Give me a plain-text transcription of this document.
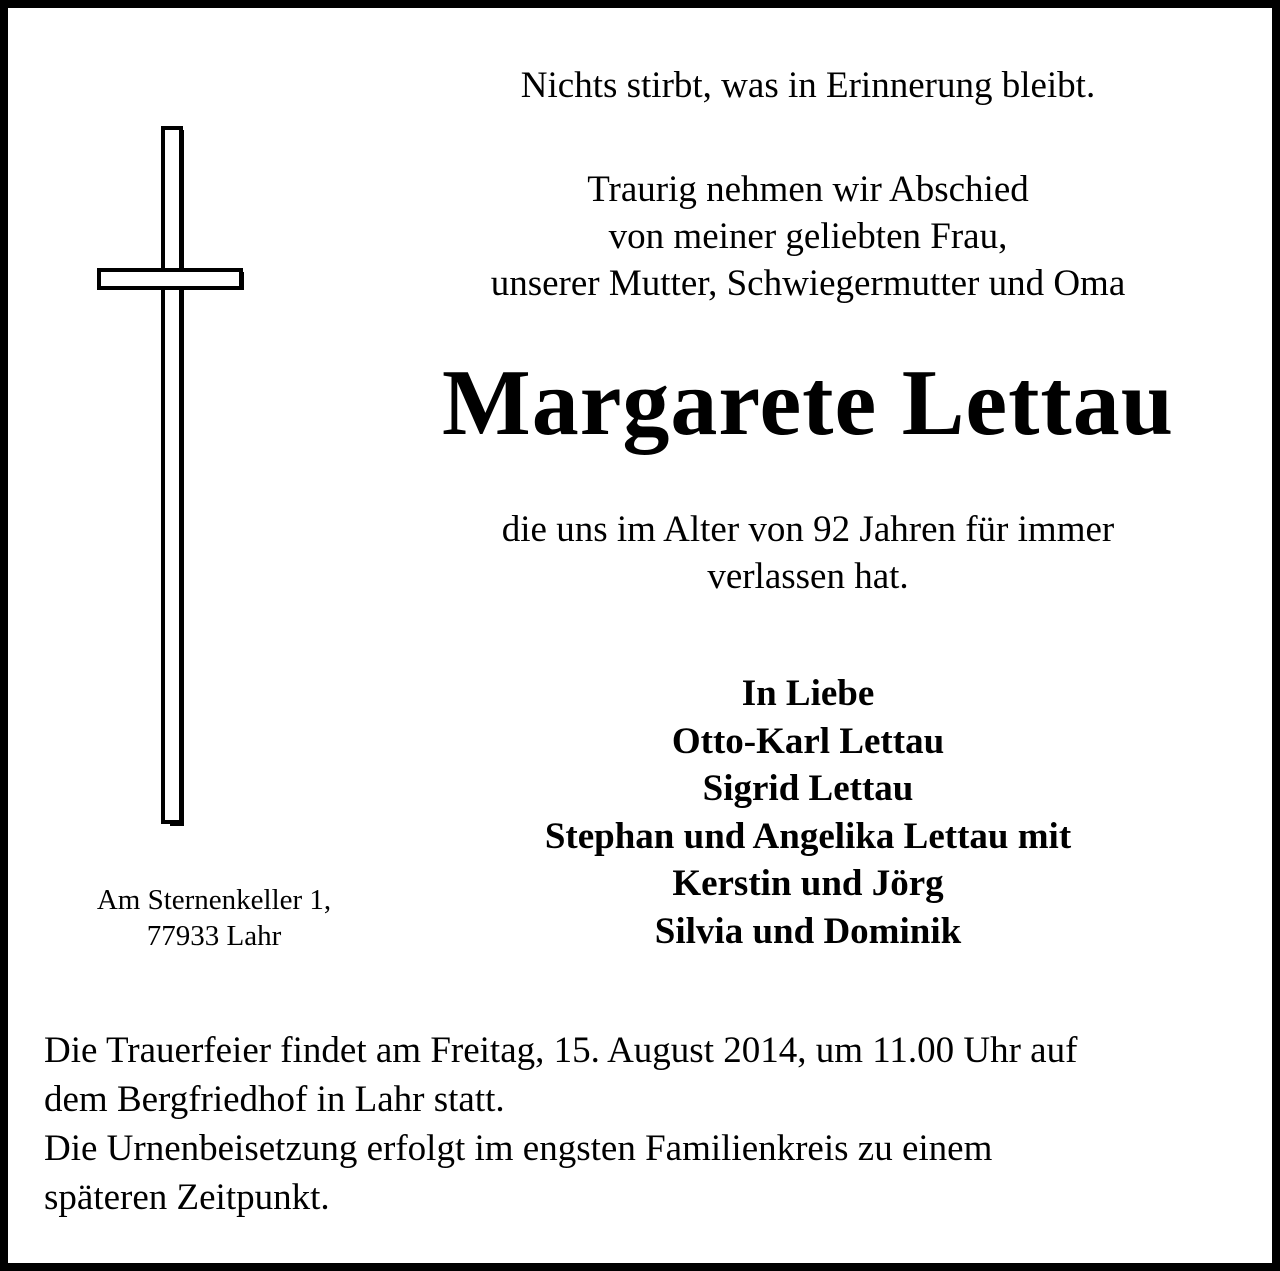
Am Sternenkeller 1,
77933 Lahr
Nichts stirbt, was in Erinnerung bleibt.
Traurig nehmen wir Abschied
von meiner geliebten Frau,
unserer Mutter, Schwiegermutter und Oma
Margarete Lettau
die uns im Alter von 92 Jahren für immer
verlassen hat.
In Liebe
Otto-Karl Lettau
Sigrid Lettau
Stephan und Angelika Lettau mit
Kerstin und Jörg
Silvia und Dominik
Die Trauerfeier findet am Freitag, 15. August 2014, um 11.00 Uhr auf
dem Bergfriedhof in Lahr statt.
Die Urnenbeisetzung erfolgt im engsten Familienkreis zu einem
späteren Zeitpunkt.
